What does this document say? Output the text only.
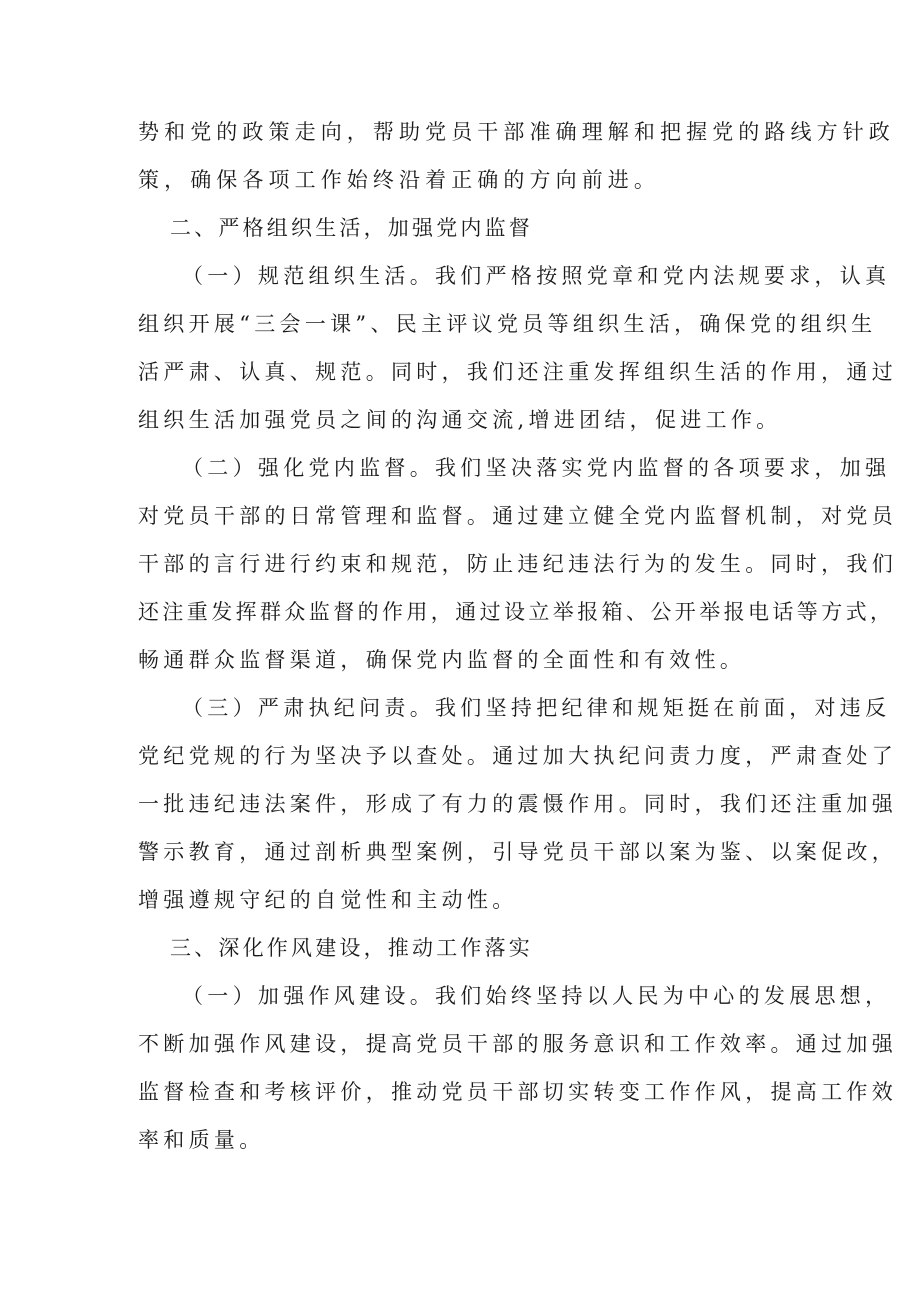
势和党的政策走向，帮助党员干部准确理解和把握党的路线方针政
策，确保各项工作始终沿着正确的方向前进。
二、严格组织生活，加强党内监督
（一）规范组织生活。我们严格按照党章和党内法规要求，认真
组织开展“三会一课”、民主评议党员等组织生活，确保党的组织生
活严肃、认真、规范。同时，我们还注重发挥组织生活的作用，通过
组织生活加强党员之间的沟通交流,增进团结，促进工作。
（二）强化党内监督。我们坚决落实党内监督的各项要求，加强
对党员干部的日常管理和监督。通过建立健全党内监督机制，对党员
干部的言行进行约束和规范，防止违纪违法行为的发生。同时，我们
还注重发挥群众监督的作用，通过设立举报箱、公开举报电话等方式，
畅通群众监督渠道，确保党内监督的全面性和有效性。
（三）严肃执纪问责。我们坚持把纪律和规矩挺在前面，对违反
党纪党规的行为坚决予以查处。通过加大执纪问责力度，严肃查处了
一批违纪违法案件，形成了有力的震慑作用。同时，我们还注重加强
警示教育，通过剖析典型案例，引导党员干部以案为鉴、以案促改，
增强遵规守纪的自觉性和主动性。
三、深化作风建设，推动工作落实
（一）加强作风建设。我们始终坚持以人民为中心的发展思想，
不断加强作风建设，提高党员干部的服务意识和工作效率。通过加强
监督检查和考核评价，推动党员干部切实转变工作作风，提高工作效
率和质量。
